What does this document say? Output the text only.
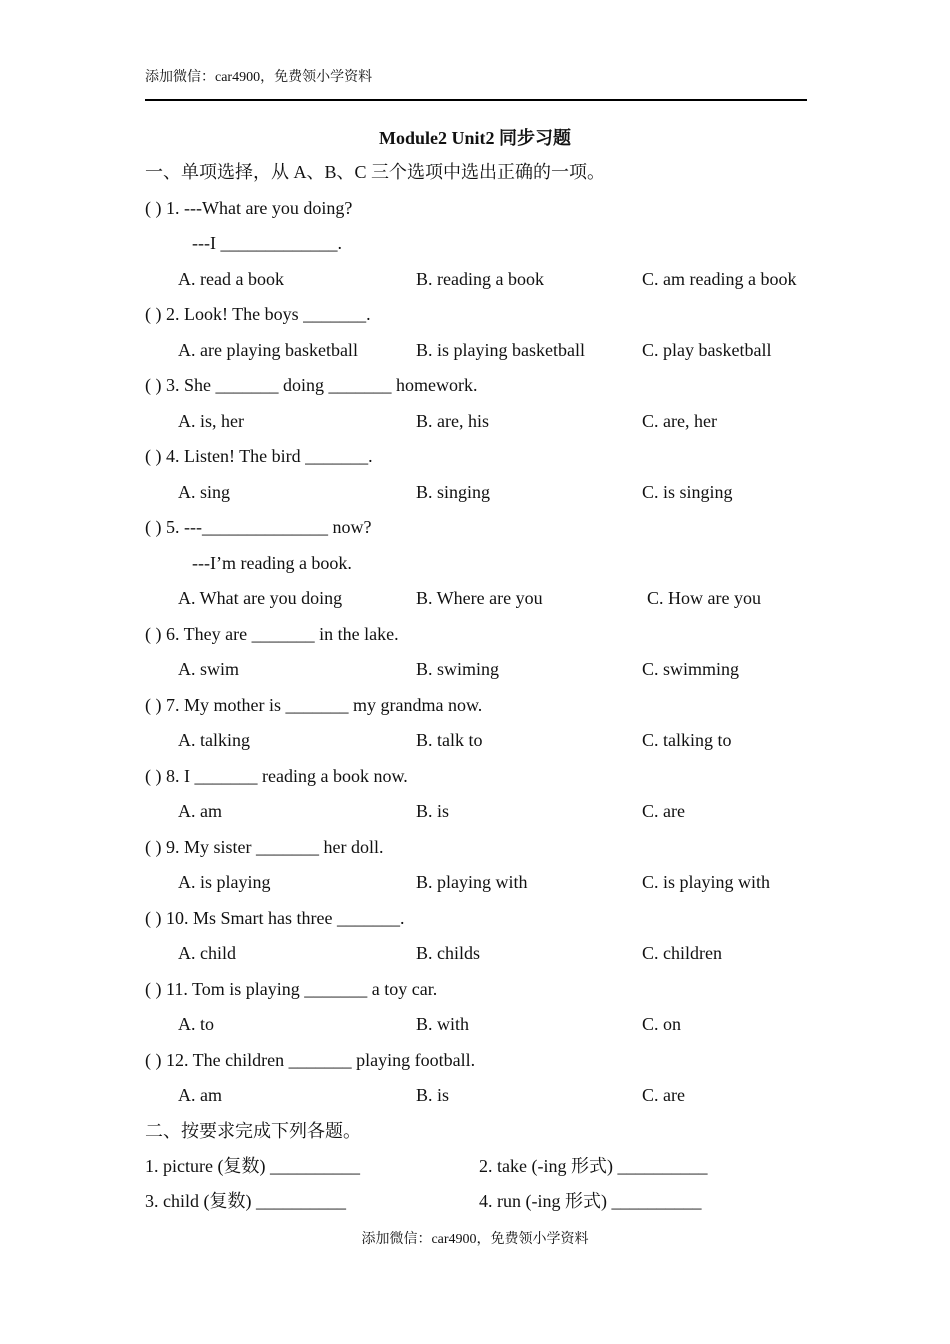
添加微信：car4900，免费领小学资料
Module2 Unit2 同步习题
一、单项选择，从 A、B、C 三个选项中选出正确的一项。
( ) 1. ---What are you doing?
---I _____________.
A. read a book	B. reading a book	C. am reading a book
( ) 2. Look! The boys _______.
A. are playing basketball	B. is playing basketball	C. play basketball
( ) 3. She _______ doing _______ homework.
A. is, her	B. are, his	C. are, her
( ) 4. Listen! The bird _______.
A. sing	B. singing	C. is singing
( ) 5. ---______________ now?
---I’m reading a book.
A. What are you doing	B. Where are you	C. How are you
( ) 6. They are _______ in the lake.
A. swim	B. swiming	C. swimming
( ) 7. My mother is _______ my grandma now.
A. talking	B. talk to	C. talking to
( ) 8. I _______ reading a book now.
A. am	B. is	C. are
( ) 9. My sister _______ her doll.
A. is playing	B. playing with	C. is playing with
( ) 10. Ms Smart has three _______.
A. child	B. childs	C. children
( ) 11. Tom is playing _______ a toy car.
A. to	B. with	C. on
( ) 12. The children _______ playing football.
A. am	B. is	C. are
二、按要求完成下列各题。
1. picture (复数) __________	2. take (-ing 形式) __________
3. child (复数) __________	4. run (-ing 形式) __________
添加微信：car4900，免费领小学资料
